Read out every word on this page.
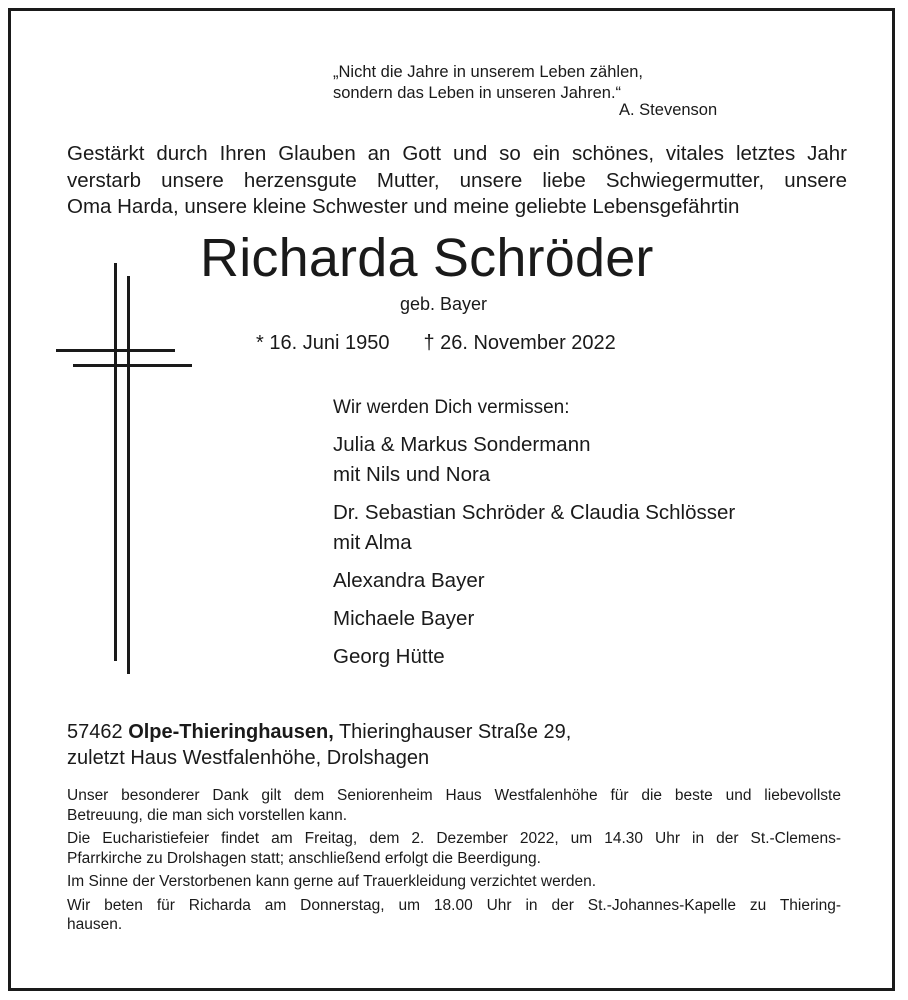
„Nicht die Jahre in unserem Leben zählen,
sondern das Leben in unseren Jahren.“
A. Stevenson
Gestärkt durch Ihren Glauben an Gott und so ein schönes, vitales letztes Jahr
verstarb unsere herzensgute Mutter, unsere liebe Schwiegermutter, unsere
Oma Harda, unsere kleine Schwester und meine geliebte Lebensgefährtin
Richarda Schröder
geb. Bayer
* 16. Juni 1950 † 26. November 2022
Wir werden Dich vermissen:
Julia & Markus Sondermann
mit Nils und Nora
Dr. Sebastian Schröder & Claudia Schlösser
mit Alma
Alexandra Bayer
Michaele Bayer
Georg Hütte
57462 Olpe-Thieringhausen, Thieringhauser Straße 29,
zuletzt Haus Westfalenhöhe, Drolshagen

Unser besonderer Dank gilt dem Seniorenheim Haus Westfalenhöhe für die beste und liebevollste
Betreuung, die man sich vorstellen kann.

Die Eucharistiefeier findet am Freitag, dem 2. Dezember 2022, um 14.30 Uhr in der St.-Clemens-
Pfarrkirche zu Drolshagen statt; anschließend erfolgt die Beerdigung.

Im Sinne der Verstorbenen kann gerne auf Trauerkleidung verzichtet werden.

Wir beten für Richarda am Donnerstag, um 18.00 Uhr in der St.-Johannes-Kapelle zu Thiering-
hausen.
